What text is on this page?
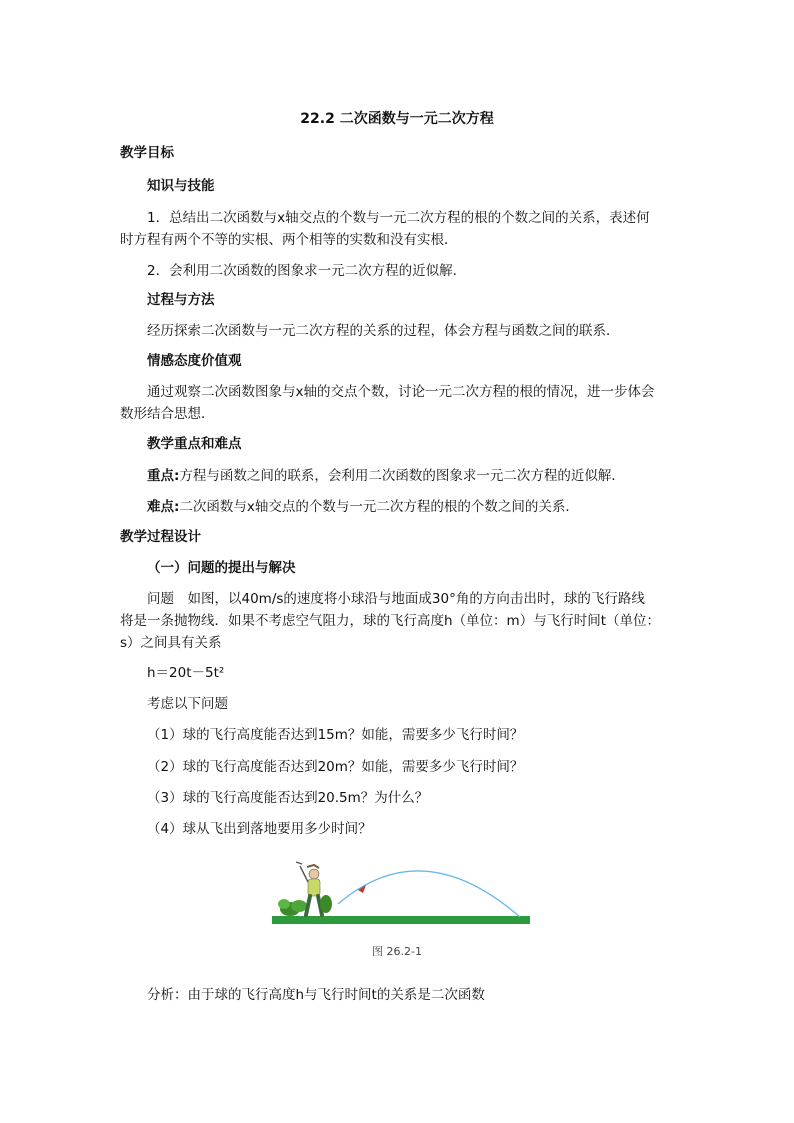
22.2 二次函数与一元二次方程
教学目标
知识与技能
1．总结出二次函数与x轴交点的个数与一元二次方程的根的个数之间的关系，表述何
时方程有两个不等的实根、两个相等的实数和没有实根．
2．会利用二次函数的图象求一元二次方程的近似解．
过程与方法
经历探索二次函数与一元二次方程的关系的过程，体会方程与函数之间的联系．
情感态度价值观
通过观察二次函数图象与x轴的交点个数，讨论一元二次方程的根的情况，进一步体会
数形结合思想．
教学重点和难点
重点:方程与函数之间的联系，会利用二次函数的图象求一元二次方程的近似解．
难点:二次函数与x轴交点的个数与一元二次方程的根的个数之间的关系．
教学过程设计
（一）问题的提出与解决
问题　如图，以40m/s的速度将小球沿与地面成30°角的方向击出时，球的飞行路线
将是一条抛物线．如果不考虑空气阻力，球的飞行高度h（单位：m）与飞行时间t（单位：
s）之间具有关系
h＝20t－5t²
考虑以下问题
（1）球的飞行高度能否达到15m？如能，需要多少飞行时间？
（2）球的飞行高度能否达到20m？如能，需要多少飞行时间？
（3）球的飞行高度能否达到20.5m？为什么？
（4）球从飞出到落地要用多少时间？
图 26.2-1
分析：由于球的飞行高度h与飞行时间t的关系是二次函数
